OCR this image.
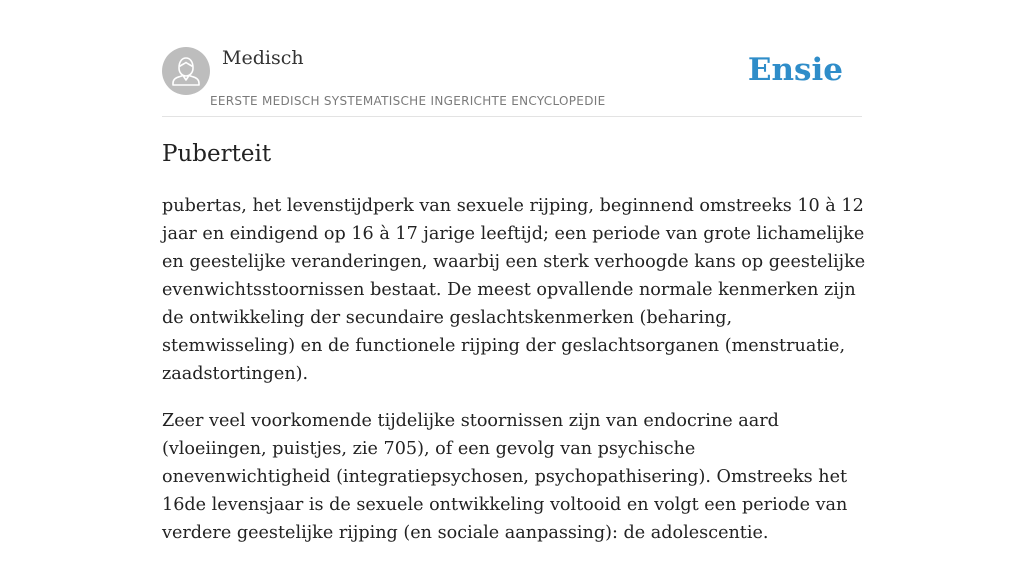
Medisch
EERSTE MEDISCH SYSTEMATISCHE INGERICHTE ENCYCLOPEDIE
Ensie
Puberteit

pubertas, het levenstijdperk van sexuele rijping, beginnend omstreeks 10 à 12 jaar en eindigend op 16 à 17 jarige leeftijd; een periode van grote lichamelijke en geestelijke veranderingen, waarbij een sterk verhoogde kans op geestelijke evenwichtsstoornissen bestaat. De meest opvallende normale kenmerken zijn de ontwikkeling der secundaire geslachtskenmerken (beharing, stemwisseling) en de functionele rijping der geslachtsorganen (menstruatie, zaadstortingen).

Zeer veel voorkomende tijdelijke stoornissen zijn van endocrine aard (vloeiingen, puistjes, zie 705), of een gevolg van psychische onevenwichtigheid (integratiepsychosen, psychopathisering). Omstreeks het 16de levensjaar is de sexuele ontwikkeling voltooid en volgt een periode van verdere geestelijke rijping (en sociale aanpassing): de adolescentie.
